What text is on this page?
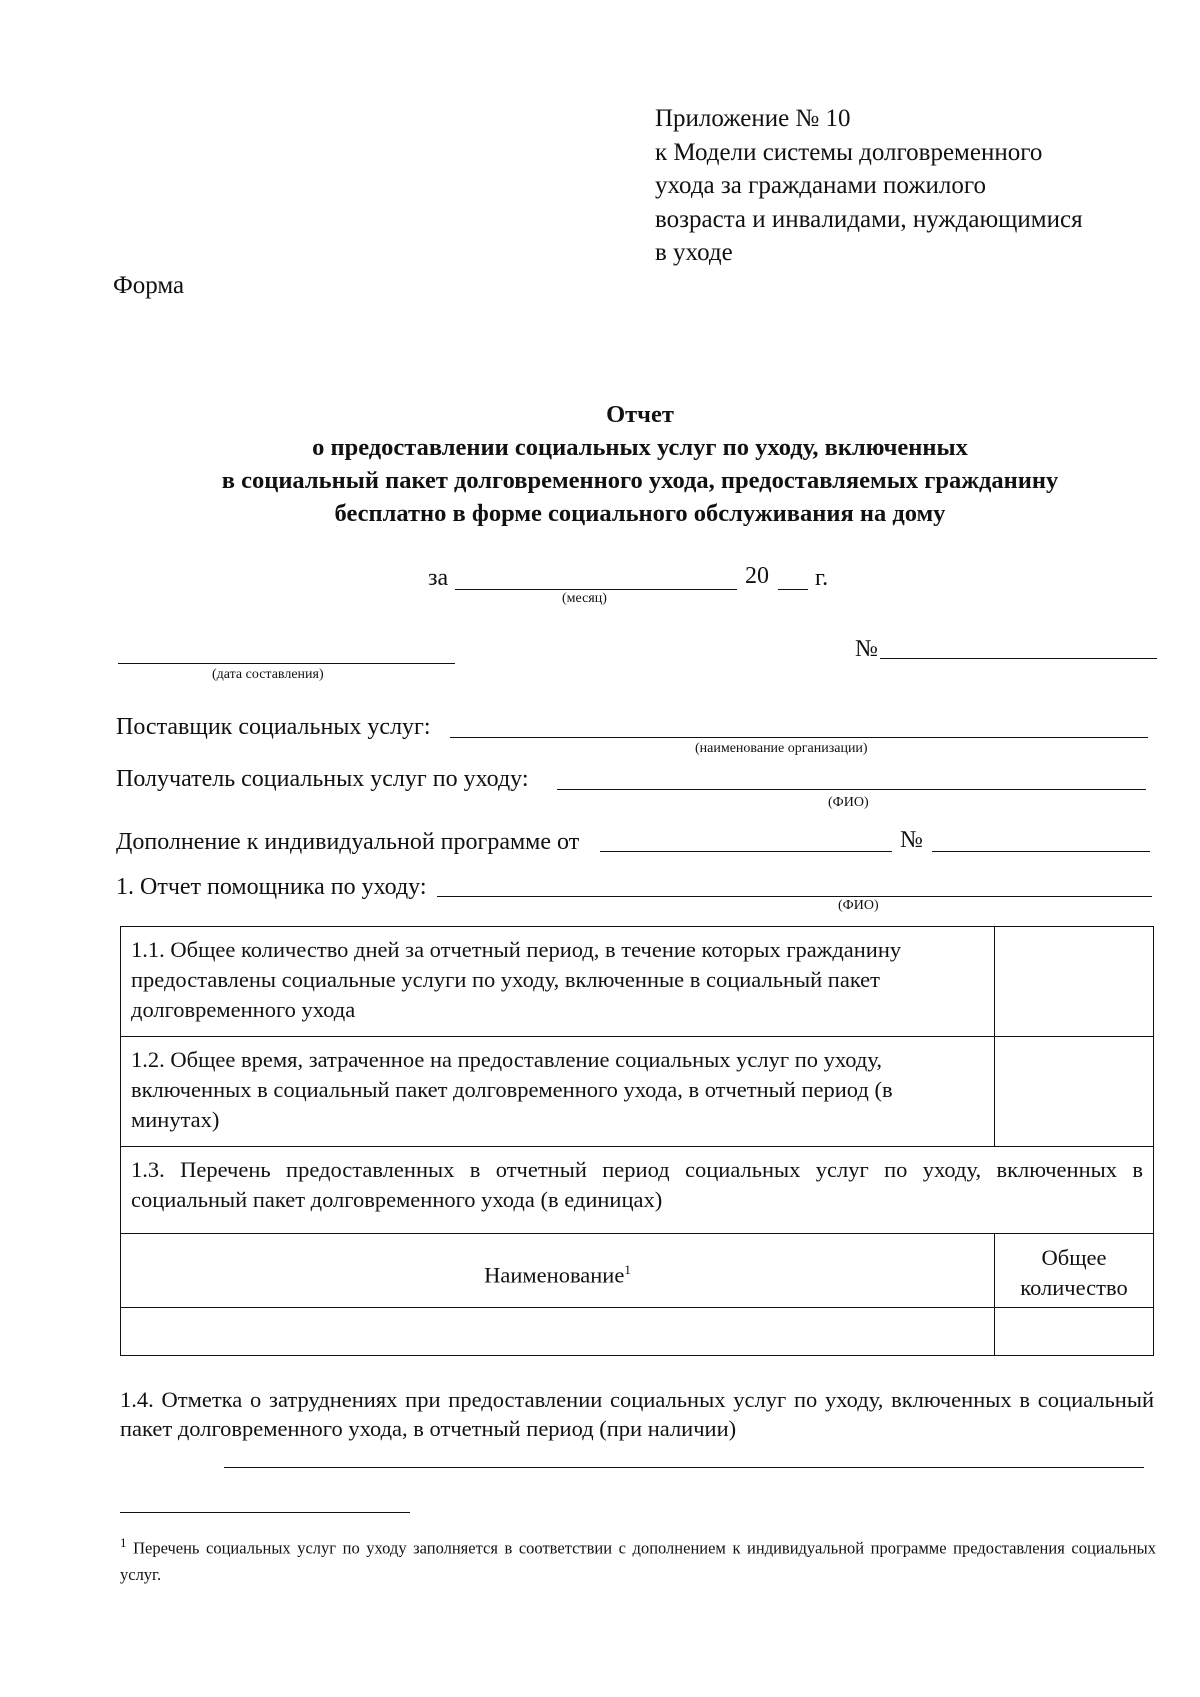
Приложение № 10
к Модели системы долговременного
ухода за гражданами пожилого
возраста и инвалидами, нуждающимися
в уходе
Форма
Отчет
о предоставлении социальных услуг по уходу, включенных
в социальный пакет долговременного ухода, предоставляемых гражданину
бесплатно в форме социального обслуживания на дому
за
(месяц)
20 г.
(дата составления)
№
Поставщик социальных услуг:
(наименование организации)
Получатель социальных услуг по уходу:
(ФИО)
Дополнение к индивидуальной программе от	№
1. Отчет помощника по уходу:
(ФИО)
1.1. Общее количество дней за отчетный период, в течение которых гражданину предоставлены социальные услуги по уходу, включенные в социальный пакет долговременного ухода	
1.2. Общее время, затраченное на предоставление социальных услуг по уходу, включенных в социальный пакет долговременного ухода, в отчетный период (в минутах)	
1.3. Перечень предоставленных в отчетный период социальных услуг по уходу, включенных в социальный пакет долговременного ухода (в единицах)	
Наименование$^1$	Общее количество

1.4. Отметка о затруднениях при предоставлении социальных услуг по уходу, включенных в социальный пакет долговременного ухода, в отчетный период (при наличии)
$^1$ Перечень социальных услуг по уходу заполняется в соответствии с дополнением к индивидуальной программе предоставления социальных услуг.
